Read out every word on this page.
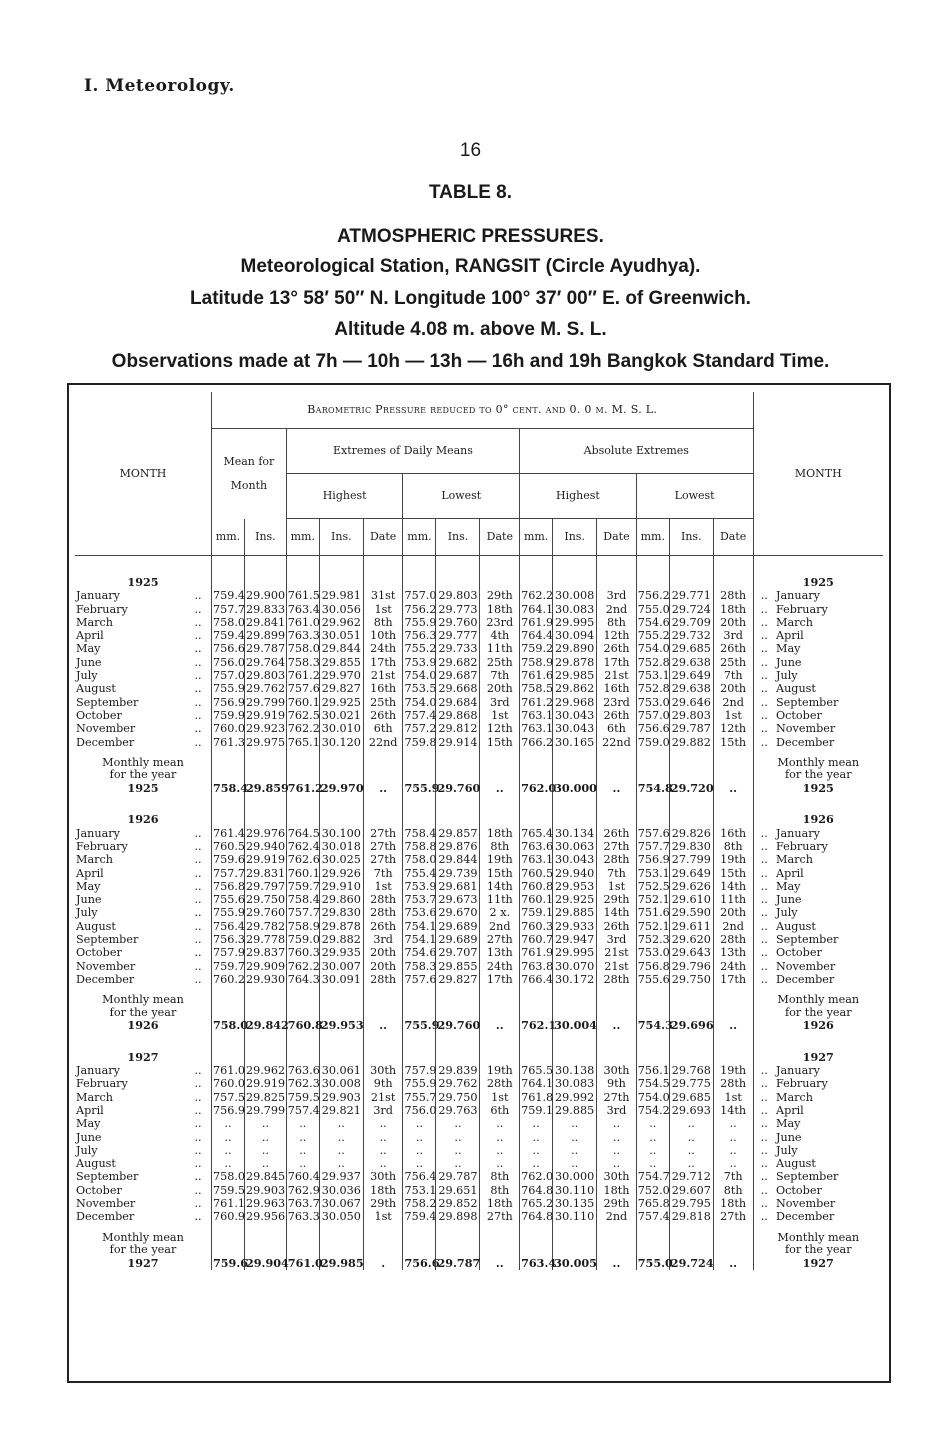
I. Meteorology.
16
TABLE 8.
ATMOSPHERIC PRESSURES.
Meteorological Station, RANGSIT (Circle Ayudhya).
Latitude 13° 58′ 50″ N. Longitude 100° 37′ 00″ E. of Greenwich.
Altitude 4.08 m. above M. S. L.
Observations made at 7h — 10h — 13h — 16h and 19h Bangkok Standard Time.
		Barometric Pressure reduced to 0° cent. and 0. 0 m. M. S. L.															
MONTH		Mean for
Month		Extremes of Daily Means						Absolute Extremes						MONTH	
				Highest			Lowest			Highest			Lowest				
		mm.	Ins.	mm.	Ins.	Date	mm.	Ins.	Date	mm.	Ins.	Date	mm.	Ins.	Date		

1925																1925	
January	..	759.4	29.900	761.5	29.981	31st	757.0	29.803	29th	762.2	30.008	3rd	756.2	29.771	28th	..	January
February	..	757.7	29.833	763.4	30.056	1st	756.2	29.773	18th	764.1	30.083	2nd	755.0	29.724	18th	..	February
March	..	758.0	29.841	761.0	29.962	8th	755.9	29.760	23rd	761.9	29.995	8th	754.6	29.709	20th	..	March
April	..	759.4	29.899	763.3	30.051	10th	756.3	29.777	4th	764.4	30.094	12th	755.2	29.732	3rd	..	April
May	..	756.6	29.787	758.0	29.844	24th	755.2	29.733	11th	759.2	29.890	26th	754.0	29.685	26th	..	May
June	..	756.0	29.764	758.3	29.855	17th	753.9	29.682	25th	758.9	29.878	17th	752.8	29.638	25th	..	June
July	..	757.0	29.803	761.2	29.970	21st	754.0	29.687	7th	761.6	29.985	21st	753.1	29.649	7th	..	July
August	..	755.9	29.762	757.6	29.827	16th	753.5	29.668	20th	758.5	29.862	16th	752.8	29.638	20th	..	August
September	..	756.9	29.799	760.1	29.925	25th	754.0	29.684	3rd	761.2	29.968	23rd	753.0	29.646	2nd	..	September
October	..	759.9	29.919	762.5	30.021	26th	757.4	29.868	1st	763.1	30.043	26th	757.0	29.803	1st	..	October
November	..	760.0	29.923	762.2	30.010	6th	757.2	29.812	12th	763.1	30.043	6th	756.6	29.787	12th	..	November
December	..	761.3	29.975	765.1	30.120	22nd	759.8	29.914	15th	766.2	30.165	22nd	759.0	29.882	15th	..	December
Monthly mean
for the year
1925		758.4	29.859	761.2	29.970	..	755.9	29.760	..	762.0	30.000	..	754.8	29.720	..	Monthly mean
for the year
1925	

1926																1926	
January	..	761.4	29.976	764.5	30.100	27th	758.4	29.857	18th	765.4	30.134	26th	757.6	29.826	16th	..	January
February	..	760.5	29.940	762.4	30.018	27th	758.8	29.876	8th	763.6	30.063	27th	757.7	29.830	8th	..	February
March	..	759.6	29.919	762.6	30.025	27th	758.0	29.844	19th	763.1	30.043	28th	756.9	27.799	19th	..	March
April	..	757.7	29.831	760.1	29.926	7th	755.4	29.739	15th	760.5	29.940	7th	753.1	29.649	15th	..	April
May	..	756.8	29.797	759.7	29.910	1st	753.9	29.681	14th	760.8	29.953	1st	752.5	29.626	14th	..	May
June	..	755.6	29.750	758.4	29.860	28th	753.7	29.673	11th	760.1	29.925	29th	752.1	29.610	11th	..	June
July	..	755.9	29.760	757.7	29.830	28th	753.6	29.670	2 x.	759.1	29.885	14th	751.6	29.590	20th	..	July
August	..	756.4	29.782	758.9	29.878	26th	754.1	29.689	2nd	760.3	29.933	26th	752.1	29.611	2nd	..	August
September	..	756.3	29.778	759.0	29.882	3rd	754.1	29.689	27th	760.7	29.947	3rd	752.3	29.620	28th	..	September
October	..	757.9	29.837	760.3	29.935	20th	754.6	29.707	13th	761.9	29.995	21st	753.0	29.643	13th	..	October
November	..	759.7	29.909	762.2	30.007	20th	758.3	29.855	24th	763.8	30.070	21st	756.8	29.796	24th	..	November
December	..	760.2	29.930	764.3	30.091	28th	757.6	29.827	17th	766.4	30.172	28th	755.6	29.750	17th	..	December
Monthly mean
for the year
1926		758.0	29.842	760.8	29.953	..	755.9	29.760	..	762.1	30.004	..	754.3	29.696	..	Monthly mean
for the year
1926	

1927																1927	
January	..	761.0	29.962	763.6	30.061	30th	757.9	29.839	19th	765.5	30.138	30th	756.1	29.768	19th	..	January
February	..	760.0	29.919	762.3	30.008	9th	755.9	29.762	28th	764.1	30.083	9th	754.5	29.775	28th	..	February
March	..	757.5	29.825	759.5	29.903	21st	755.7	29.750	1st	761.8	29.992	27th	754.0	29.685	1st	..	March
April	..	756.9	29.799	757.4	29.821	3rd	756.0	29.763	6th	759.1	29.885	3rd	754.2	29.693	14th	..	April
May	..	..	..	..	..	..	..	..	..	..	..	..	..	..	..	..	May
June	..	..	..	..	..	..	..	..	..	..	..	..	..	..	..	..	June
July	..	..	..	..	..	..	..	..	..	..	..	..	..	..	..	..	July
August	..	..	..	..	..	..	..	..	..	..	..	..	..	..	..	..	August
September	..	758.0	29.845	760.4	29.937	30th	756.4	29.787	8th	762.0	30.000	30th	754.7	29.712	7th	..	September
October	..	759.5	29.903	762.9	30.036	18th	753.1	29.651	8th	764.8	30.110	18th	752.0	29.607	8th	..	October
November	..	761.1	29.963	763.7	30.067	29th	758.2	29.852	18th	765.2	30.135	29th	765.8	29.795	18th	..	November
December	..	760.9	29.956	763.3	30.050	1st	759.4	29.898	27th	764.8	30.110	2nd	757.4	29.818	27th	..	December
Monthly mean
for the year
1927		759.6	29.904	761.0	29.985	.	756.6	29.787	..	763.4	30.005	..	755.0	29.724	..	Monthly mean
for the year
1927	
